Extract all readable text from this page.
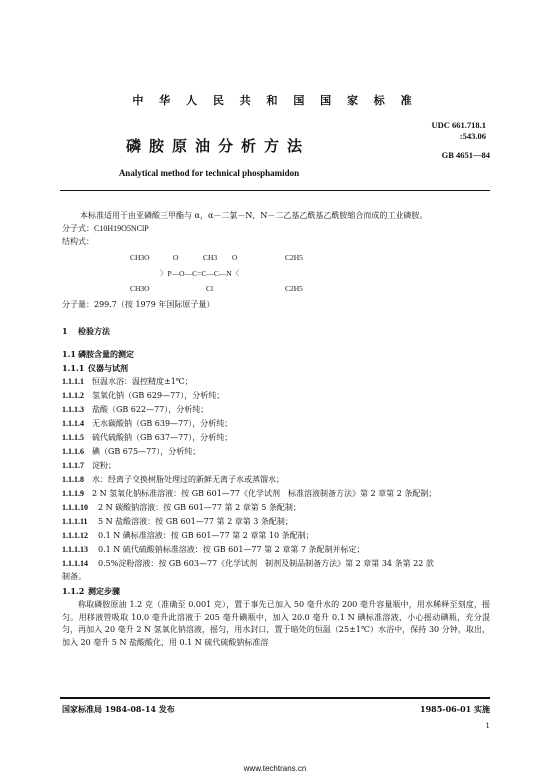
中 华 人 民 共 和 国 国 家 标 准
UDC 661.718.1
:543.06
磷胺原油分析方法	GB 4651—84
Analytical method for technical phosphamidon
本标准适用于由亚磷酸三甲酯与 α，α－二氯－N，N－二乙基乙酰基乙酰胺缩合而成的工业磷胺。
分子式：C10H19O5NClP
结构式：
CH3O	O	CH3 O	C2H5
〉P—O—C=C—C—N〈
CH3O	Cl	C2H5
分子量：299.7（按 1979 年国际原子量）
1 检验方法
1.1 磷胺含量的测定
1.1.1 仪器与试剂
1.1.1.1 恒温水浴：温控精度±1℃；
1.1.1.2 氢氧化钠（GB 629—77），分析纯；
1.1.1.3 盐酸（GB 622—77），分析纯；
1.1.1.4 无水碳酸钠（GB 639—77），分析纯；
1.1.1.5 硫代硫酸钠（GB 637—77），分析纯；
1.1.1.6 碘（GB 675—77），分析纯；
1.1.1.7 淀粉；
1.1.1.8 水：经离子交换树脂处理过的新鲜无离子水或蒸馏水；
1.1.1.9 2 N 氢氧化钠标准溶液：按 GB 601—77《化学试剂　标准溶液制备方法》第 2 章第 2 条配制；
1.1.1.10 2 N 碳酸钠溶液：按 GB 601—77 第 2 章第 5 条配制；
1.1.1.11 5 N 盐酸溶液：按 GB 601—77 第 2 章第 3 条配制；
1.1.1.12 0.1 N 碘标准溶液：按 GB 601—77 第 2 章第 10 条配制；
1.1.1.13 0.1 N 硫代硫酸钠标准溶液：按 GB 601—77 第 2 章第 7 条配制并标定；
1.1.1.14 0.5%淀粉溶液：按 GB 603—77《化学试剂　制剂及制品制备方法》第 2 章第 34 条第 22 款
制备。
1.1.2 测定步骤
称取磷胺原油 1.2 克（准确至 0.001 克），置于事先已加入 50 毫升水的 200 毫升容量瓶中，用水稀释至刻度，摇匀。用移液管吸取 10.0 毫升此溶液于 205 毫升碘瓶中，加入 20.0 毫升 0.1 N 碘标准溶液，小心摇动碘瓶，充分混匀，再加入 20 毫升 2 N 氢氧化钠溶液，摇匀，用水封口，置于暗处的恒温（25±1℃）水浴中，保持 30 分钟，取出，加入 20 毫升 5 N 盐酸酸化，用 0.1 N 硫代硫酸钠标准溶
国家标准局 1984-08-14 发布	1985-06-01 实施
1
www.techtrans.cn
